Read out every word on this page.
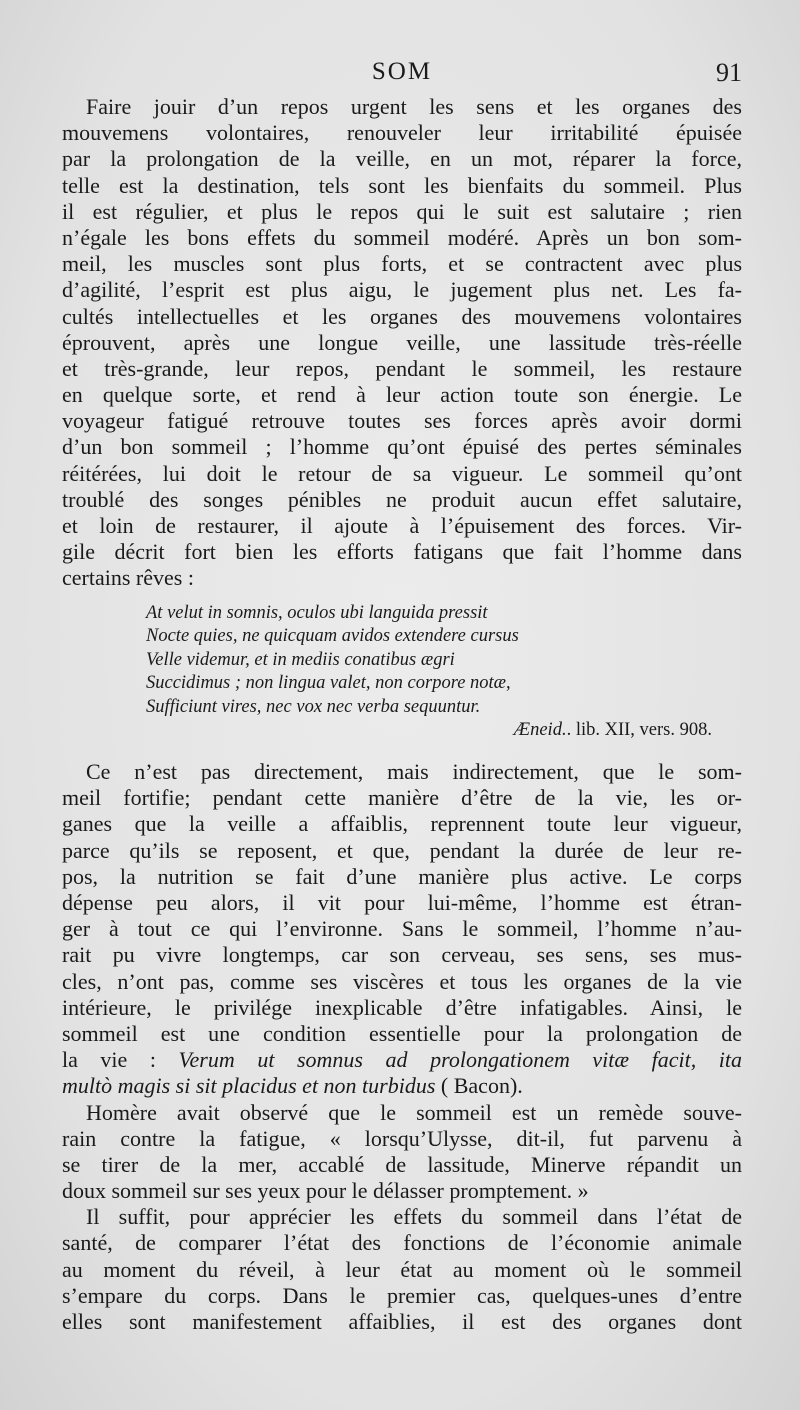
SOM	91
Faire jouir d’un repos urgent les sens et les organes des
mouvemens volontaires, renouveler leur irritabilité épuisée
par la prolongation de la veille, en un mot, réparer la force,
telle est la destination, tels sont les bienfaits du sommeil. Plus
il est régulier, et plus le repos qui le suit est salutaire ; rien
n’égale les bons effets du sommeil modéré. Après un bon som-
meil, les muscles sont plus forts, et se contractent avec plus
d’agilité, l’esprit est plus aigu, le jugement plus net. Les fa-
cultés intellectuelles et les organes des mouvemens volontaires
éprouvent, après une longue veille, une lassitude très-réelle
et très-grande, leur repos, pendant le sommeil, les restaure
en quelque sorte, et rend à leur action toute son énergie. Le
voyageur fatigué retrouve toutes ses forces après avoir dormi
d’un bon sommeil ; l’homme qu’ont épuisé des pertes séminales
réitérées, lui doit le retour de sa vigueur. Le sommeil qu’ont
troublé des songes pénibles ne produit aucun effet salutaire,
et loin de restaurer, il ajoute à l’épuisement des forces. Vir-
gile décrit fort bien les efforts fatigans que fait l’homme dans
certains rêves :
At velut in somnis, oculos ubi languida pressit
Nocte quies, ne quicquam avidos extendere cursus
Velle videmur, et in mediis conatibus ægri
Succidimus ; non lingua valet, non corpore notæ,
Sufficiunt vires, nec vox nec verba sequuntur.
Æneid.. lib. XII, vers. 908.
Ce n’est pas directement, mais indirectement, que le som-
meil fortifie; pendant cette manière d’être de la vie, les or-
ganes que la veille a affaiblis, reprennent toute leur vigueur,
parce qu’ils se reposent, et que, pendant la durée de leur re-
pos, la nutrition se fait d’une manière plus active. Le corps
dépense peu alors, il vit pour lui-même, l’homme est étran-
ger à tout ce qui l’environne. Sans le sommeil, l’homme n’au-
rait pu vivre longtemps, car son cerveau, ses sens, ses mus-
cles, n’ont pas, comme ses viscères et tous les organes de la vie
intérieure, le privilége inexplicable d’être infatigables. Ainsi, le
sommeil est une condition essentielle pour la prolongation de
la vie : Verum ut somnus ad prolongationem vitæ facit, ita
multò magis si sit placidus et non turbidus ( Bacon).
Homère avait observé que le sommeil est un remède souve-
rain contre la fatigue, « lorsqu’Ulysse, dit-il, fut parvenu à
se tirer de la mer, accablé de lassitude, Minerve répandit un
doux sommeil sur ses yeux pour le délasser promptement. »
Il suffit, pour apprécier les effets du sommeil dans l’état de
santé, de comparer l’état des fonctions de l’économie animale
au moment du réveil, à leur état au moment où le sommeil
s’empare du corps. Dans le premier cas, quelques-unes d’entre
elles sont manifestement affaiblies, il est des organes dont
